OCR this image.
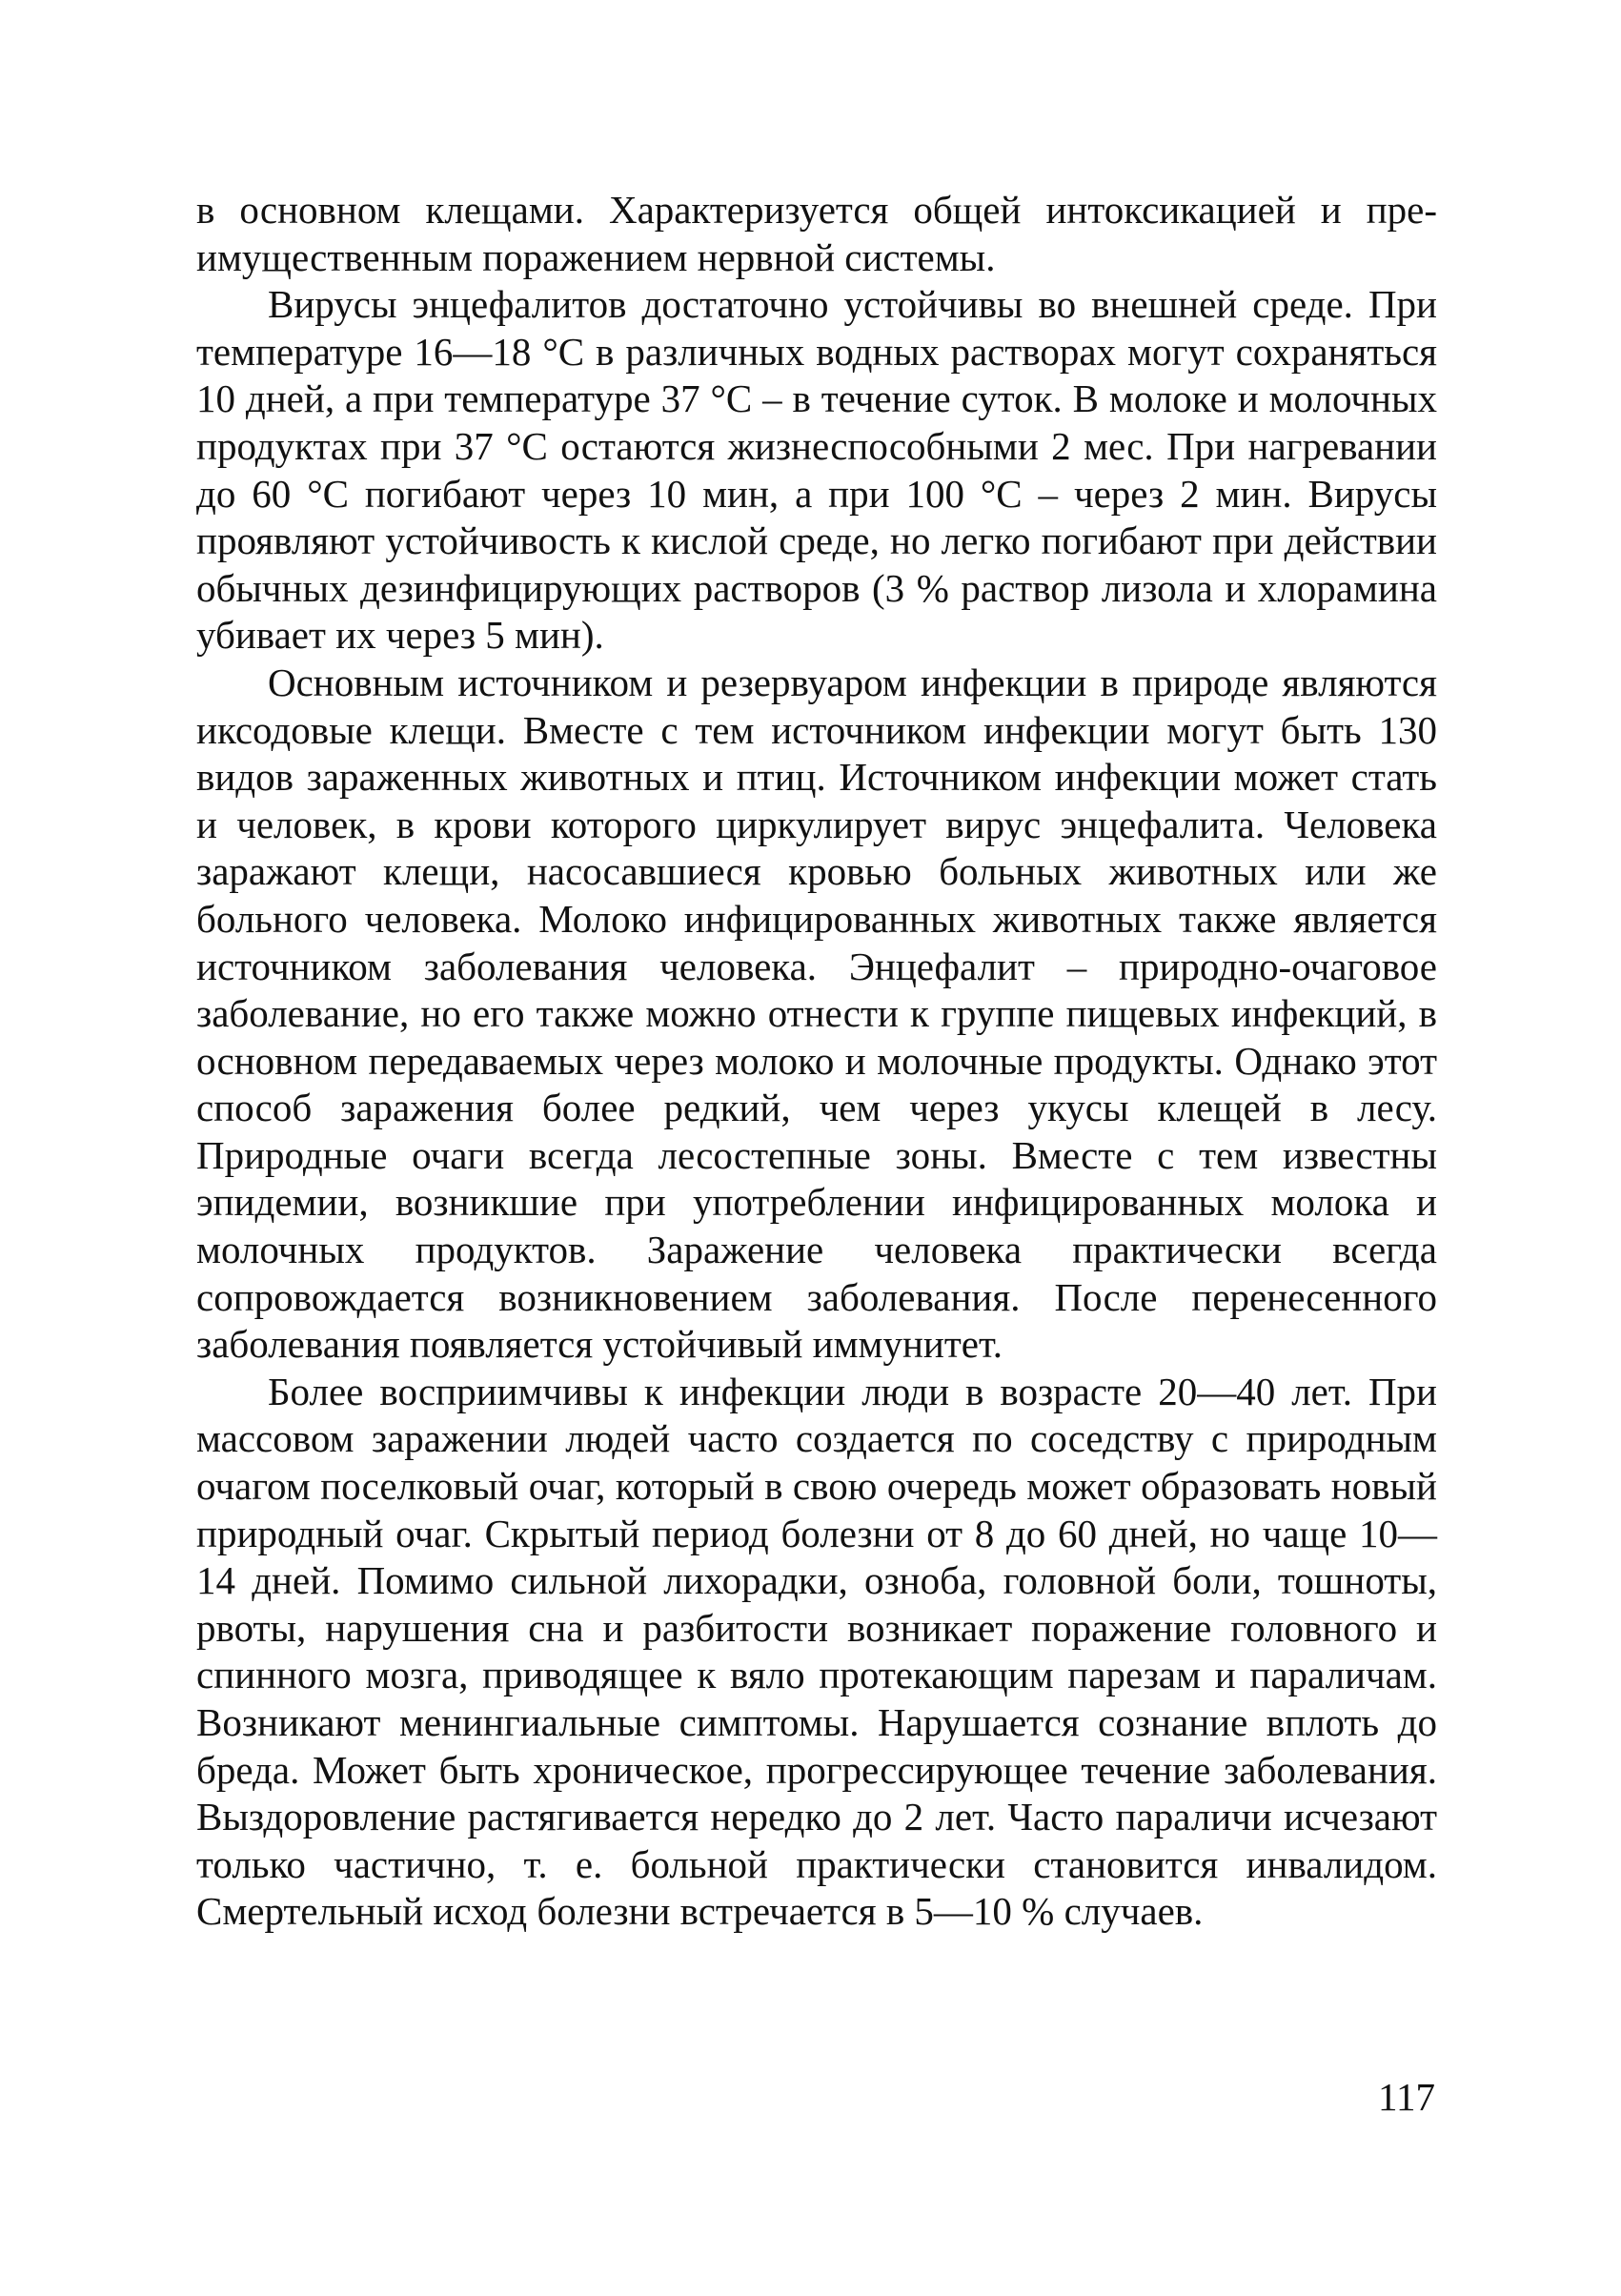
в основном клещами. Характеризуется общей интоксикацией и преимущественным поражением нервной системы.

Вирусы энцефалитов достаточно устойчивы во внешней среде. При температуре 16—18 °С в различных водных растворах могут сохраняться 10 дней, а при температуре 37 °С – в течение суток. В молоке и молочных продуктах при 37 °С остаются жизнеспособными 2 мес. При нагревании до 60 °С погибают через 10 мин, а при 100 °С – через 2 мин. Вирусы проявляют устойчивость к кислой среде, но легко погибают при действии обычных дезинфицирующих растворов (3 % раствор лизола и хлорамина убивает их через 5 мин).

Основным источником и резервуаром инфекции в природе являются иксодовые клещи. Вместе с тем источником инфекции могут быть 130 видов зараженных животных и птиц. Источником инфекции может стать и человек, в крови которого циркулирует вирус энцефалита. Человека заражают клещи, насосавшиеся кровью больных животных или же больного человека. Молоко инфицированных животных также является источником заболевания человека. Энцефалит – природно-очаговое заболевание, но его также можно отнести к группе пищевых инфекций, в основном передаваемых через молоко и молочные продукты. Однако этот способ заражения более редкий, чем через укусы клещей в лесу. Природные очаги всегда лесостепные зоны. Вместе с тем известны эпидемии, возникшие при употреблении инфицированных молока и молочных продуктов. Заражение человека практически всегда сопровождается возникновением заболевания. После перенесенного заболевания появляется устойчивый иммунитет.

Более восприимчивы к инфекции люди в возрасте 20—40 лет. При массовом заражении людей часто создается по соседству с природным очагом поселковый очаг, который в свою очередь может образовать новый природный очаг. Скрытый период болезни от 8 до 60 дней, но чаще 10—14 дней. Помимо сильной лихорадки, озноба, головной боли, тошноты, рвоты, нарушения сна и разбитости возникает поражение головного и спинного мозга, приводящее к вяло протекающим парезам и параличам. Возникают менингиальные симптомы. Нарушается сознание вплоть до бреда. Может быть хроническое, прогрессирующее течение заболевания. Выздоровление растягивается нередко до 2 лет. Часто параличи исчезают только частично, т. е. больной практически становится инвалидом. Смертельный исход болезни встречается в 5—10 % случаев.

117
